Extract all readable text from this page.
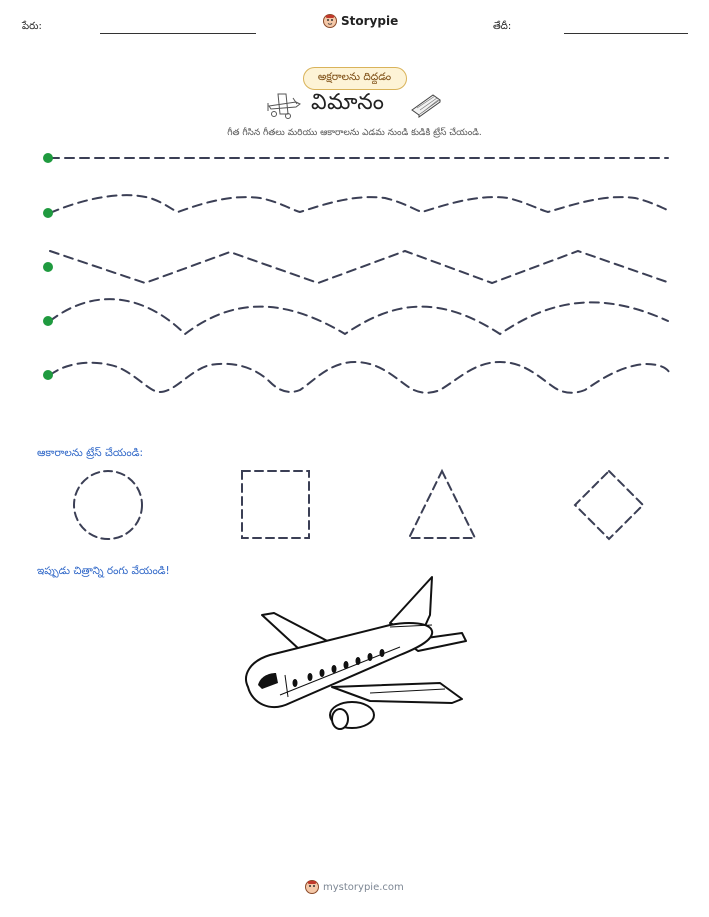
పేరు:	Storypie	తేదీ:
అక్షరాలను దిద్దడం
విమానం
గీత గీసిన గీతలు మరియు ఆకారాలను ఎడమ నుండి కుడికి ట్రేస్ చేయండి.
ఆకారాలను ట్రేస్ చేయండి:
ఇప్పుడు చిత్రాన్ని రంగు వేయండి!
mystorypie.com
